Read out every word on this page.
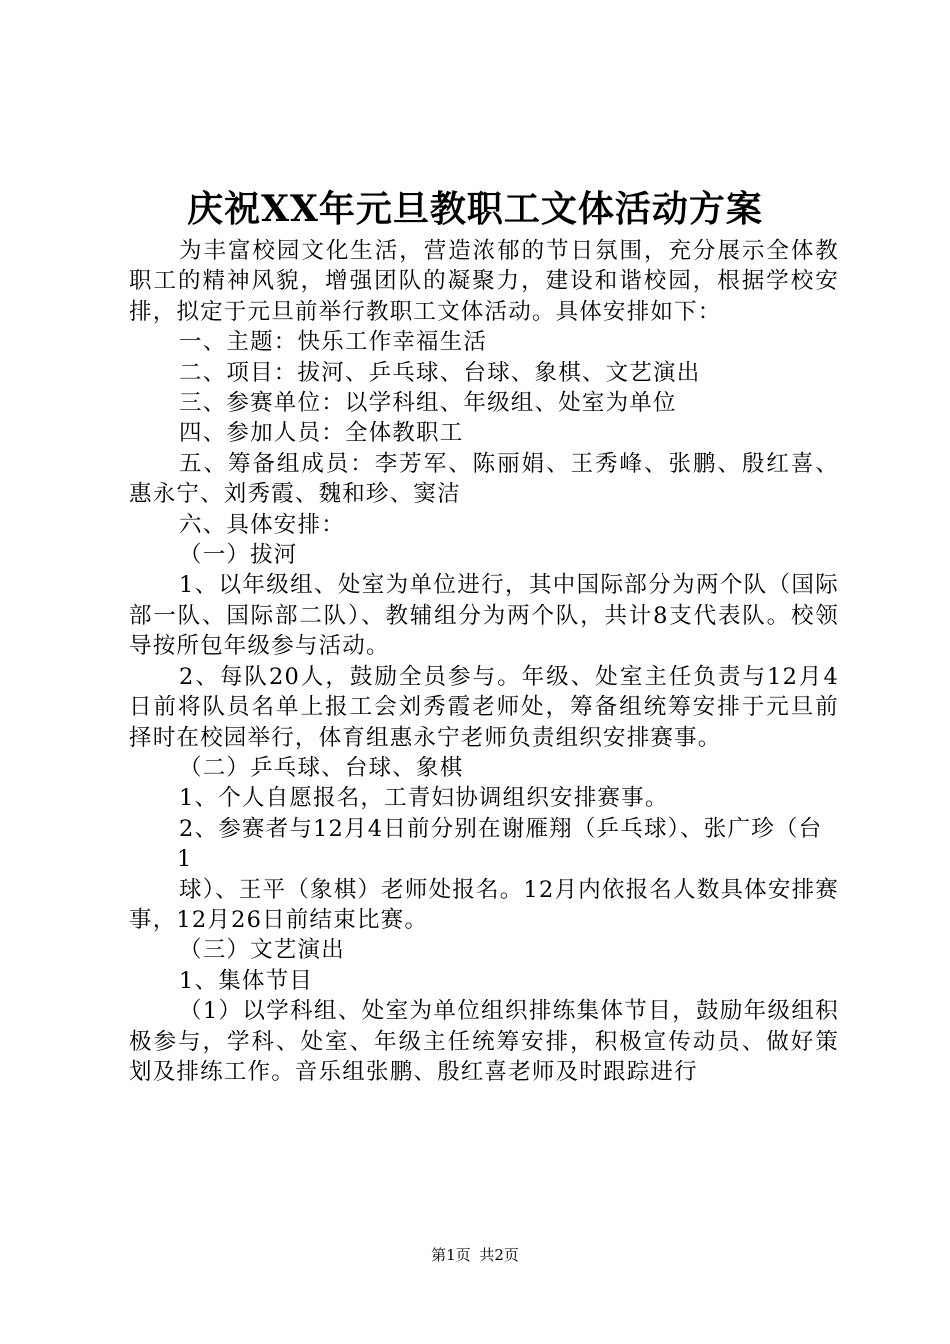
庆祝XX年元旦教职工文体活动方案

为丰富校园文化生活，营造浓郁的节日氛围，充分展示全体教职工的精神风貌，增强团队的凝聚力，建设和谐校园，根据学校安排，拟定于元旦前举行教职工文体活动。具体安排如下：

一、主题：快乐工作幸福生活

二、项目：拔河、乒乓球、台球、象棋、文艺演出

三、参赛单位：以学科组、年级组、处室为单位

四、参加人员：全体教职工

五、筹备组成员：李芳军、陈丽娟、王秀峰、张鹏、殷红喜、惠永宁、刘秀霞、魏和珍、窦洁

六、具体安排：

（一）拔河

1、以年级组、处室为单位进行，其中国际部分为两个队（国际部一队、国际部二队）、教辅组分为两个队，共计8支代表队。校领导按所包年级参与活动。

2、每队20人，鼓励全员参与。年级、处室主任负责与12月4日前将队员名单上报工会刘秀霞老师处，筹备组统筹安排于元旦前择时在校园举行，体育组惠永宁老师负责组织安排赛事。

（二）乒乓球、台球、象棋

1、个人自愿报名，工青妇协调组织安排赛事。

2、参赛者与12月4日前分别在谢雁翔（乒乓球）、张广珍（台

1

球）、王平（象棋）老师处报名。12月内依报名人数具体安排赛事，12月26日前结束比赛。

（三）文艺演出

1、集体节目

（1）以学科组、处室为单位组织排练集体节目，鼓励年级组积极参与，学科、处室、年级主任统筹安排，积极宣传动员、做好策划及排练工作。音乐组张鹏、殷红喜老师及时跟踪进行

第1页 共2页
